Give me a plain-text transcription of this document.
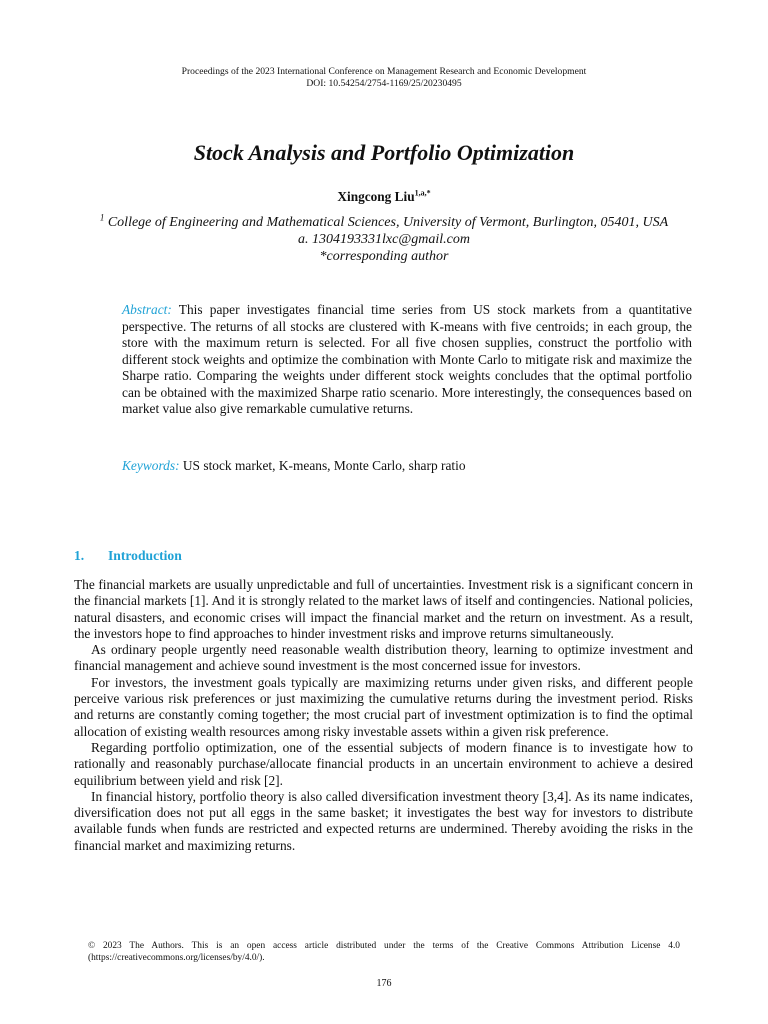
Proceedings of the 2023 International Conference on Management Research and Economic Development
DOI: 10.54254/2754-1169/25/20230495
Stock Analysis and Portfolio Optimization
Xingcong Liu$^{1,a,*}$
$^1$ College of Engineering and Mathematical Sciences, University of Vermont, Burlington, 05401, USA
a. 1304193331lxc@gmail.com
*corresponding author
Abstract: This paper investigates financial time series from US stock markets from a quantitative perspective. The returns of all stocks are clustered with K-means with five centroids; in each group, the store with the maximum return is selected. For all five chosen supplies, construct the portfolio with different stock weights and optimize the combination with Monte Carlo to mitigate risk and maximize the Sharpe ratio. Comparing the weights under different stock weights concludes that the optimal portfolio can be obtained with the maximized Sharpe ratio scenario. More interestingly, the consequences based on market value also give remarkable cumulative returns.
Keywords: US stock market, K-means, Monte Carlo, sharp ratio
1. Introduction

The financial markets are usually unpredictable and full of uncertainties. Investment risk is a significant concern in the financial markets [1]. And it is strongly related to the market laws of itself and contingencies. National policies, natural disasters, and economic crises will impact the financial market and the return on investment. As a result, the investors hope to find approaches to hinder investment risks and improve returns simultaneously.

As ordinary people urgently need reasonable wealth distribution theory, learning to optimize investment and financial management and achieve sound investment is the most concerned issue for investors.

For investors, the investment goals typically are maximizing returns under given risks, and different people perceive various risk preferences or just maximizing the cumulative returns during the investment period. Risks and returns are constantly coming together; the most crucial part of investment optimization is to find the optimal allocation of existing wealth resources among risky investable assets within a given risk preference.

Regarding portfolio optimization, one of the essential subjects of modern finance is to investigate how to rationally and reasonably purchase/allocate financial products in an uncertain environment to achieve a desired equilibrium between yield and risk [2].

In financial history, portfolio theory is also called diversification investment theory [3,4]. As its name indicates, diversification does not put all eggs in the same basket; it investigates the best way for investors to distribute available funds when funds are restricted and expected returns are undermined. Thereby avoiding the risks in the financial market and maximizing returns.

© 2023 The Authors. This is an open access article distributed under the terms of the Creative Commons Attribution License 4.0 (https://creativecommons.org/licenses/by/4.0/).
176
